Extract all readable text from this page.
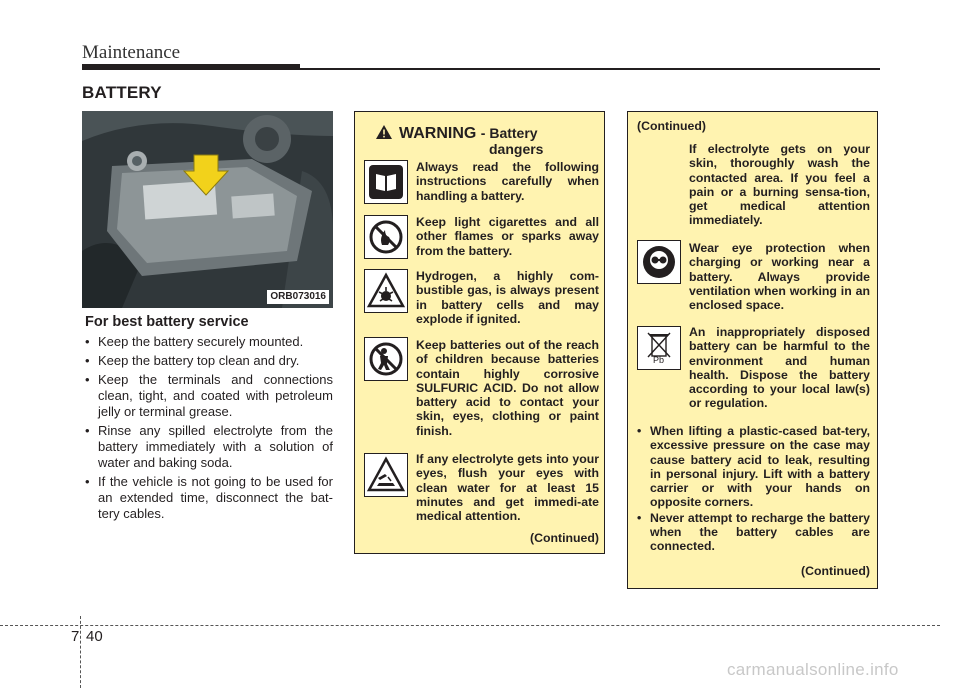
Maintenance
BATTERY
ORB073016
For best battery service
• Keep the battery securely mounted.
• Keep the battery top clean and dry.
• Keep the terminals and connections clean, tight, and coated with petroleum jelly or terminal grease.
• Rinse any spilled electrolyte from the battery immediately with a solution of water and baking soda.
• If the vehicle is not going to be used for an extended time, disconnect the bat-tery cables.
WARNING - Battery
dangers
Always read the following instructions carefully when handling a battery.
Keep light cigarettes and all other flames or sparks away from the battery.
Hydrogen, a highly com-bustible gas, is always present in battery cells and may explode if ignited.
Keep batteries out of the reach of children because batteries contain highly corrosive SULFURIC ACID. Do not allow battery acid to contact your skin, eyes, clothing or paint finish.
If any electrolyte gets into your eyes, flush your eyes with clean water for at least 15 minutes and get immedi-ate medical attention.
(Continued)
(Continued)
If electrolyte gets on your skin, thoroughly wash the contacted area. If you feel a pain or a burning sensa-tion, get medical attention immediately.
Wear eye protection when charging or working near a battery. Always provide ventilation when working in an enclosed space.
Pb
An inappropriately disposed battery can be harmful to the environment and human health. Dispose the battery according to your local law(s) or regulation.
• When lifting a plastic-cased bat-tery, excessive pressure on the case may cause battery acid to leak, resulting in personal injury. Lift with a battery carrier or with your hands on opposite corners.
• Never attempt to recharge the battery when the battery cables are connected.
(Continued)
7 40
carmanualsonline.info
